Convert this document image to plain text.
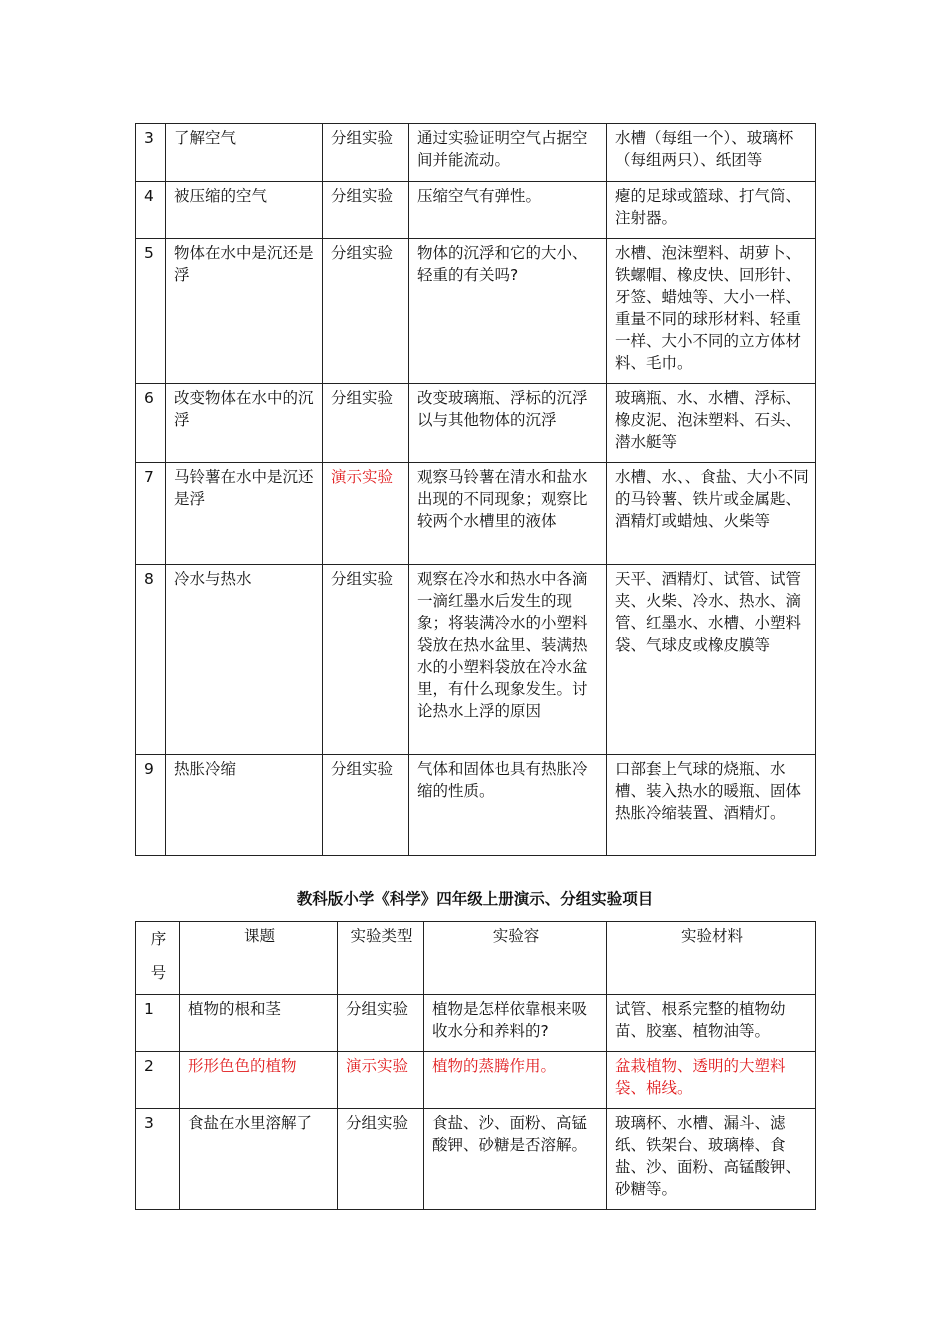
3	了解空气	分组实验	通过实验证明空气占据空间并能流动。	水槽（每组一个）、玻璃杯（每组两只）、纸团等
4	被压缩的空气	分组实验	压缩空气有弹性。	瘪的足球或篮球、打气筒、注射器。
5	物体在水中是沉还是浮	分组实验	物体的沉浮和它的大小、轻重的有关吗?	水槽、泡沫塑料、胡萝卜、铁螺帽、橡皮快、回形针、牙签、蜡烛等、大小一样、重量不同的球形材料、轻重一样、大小不同的立方体材料、毛巾。
6	改变物体在水中的沉浮	分组实验	改变玻璃瓶、浮标的沉浮以与其他物体的沉浮	玻璃瓶、水、水槽、浮标、橡皮泥、泡沫塑料、石头、潜水艇等
7	马铃薯在水中是沉还是浮	演示实验	观察马铃薯在清水和盐水出现的不同现象；观察比较两个水槽里的液体	水槽、水、、食盐、大小不同的马铃薯、铁片或金属匙、酒精灯或蜡烛、火柴等
8	冷水与热水	分组实验	观察在冷水和热水中各滴一滴红墨水后发生的现象；将装满冷水的小塑料袋放在热水盆里、装满热水的小塑料袋放在冷水盆里，有什么现象发生。讨论热水上浮的原因	天平、酒精灯、试管、试管夹、火柴、冷水、热水、滴管、红墨水、水槽、小塑料袋、气球皮或橡皮膜等
9	热胀冷缩	分组实验	气体和固体也具有热胀冷缩的性质。	口部套上气球的烧瓶、水槽、装入热水的暖瓶、固体热胀冷缩装置、酒精灯。
教科版小学《科学》四年级上册演示、分组实验项目
序号	课题	实验类型	实验容	实验材料
1	植物的根和茎	分组实验	植物是怎样依靠根来吸收水分和养料的?	试管、根系完整的植物幼苗、胶塞、植物油等。
2	形形色色的植物	演示实验	植物的蒸腾作用。	盆栽植物、透明的大塑料袋、棉线。
3	食盐在水里溶解了	分组实验	食盐、沙、面粉、高锰酸钾、砂糖是否溶解。	玻璃杯、水槽、漏斗、滤纸、铁架台、玻璃棒、食盐、沙、面粉、高锰酸钾、砂糖等。
